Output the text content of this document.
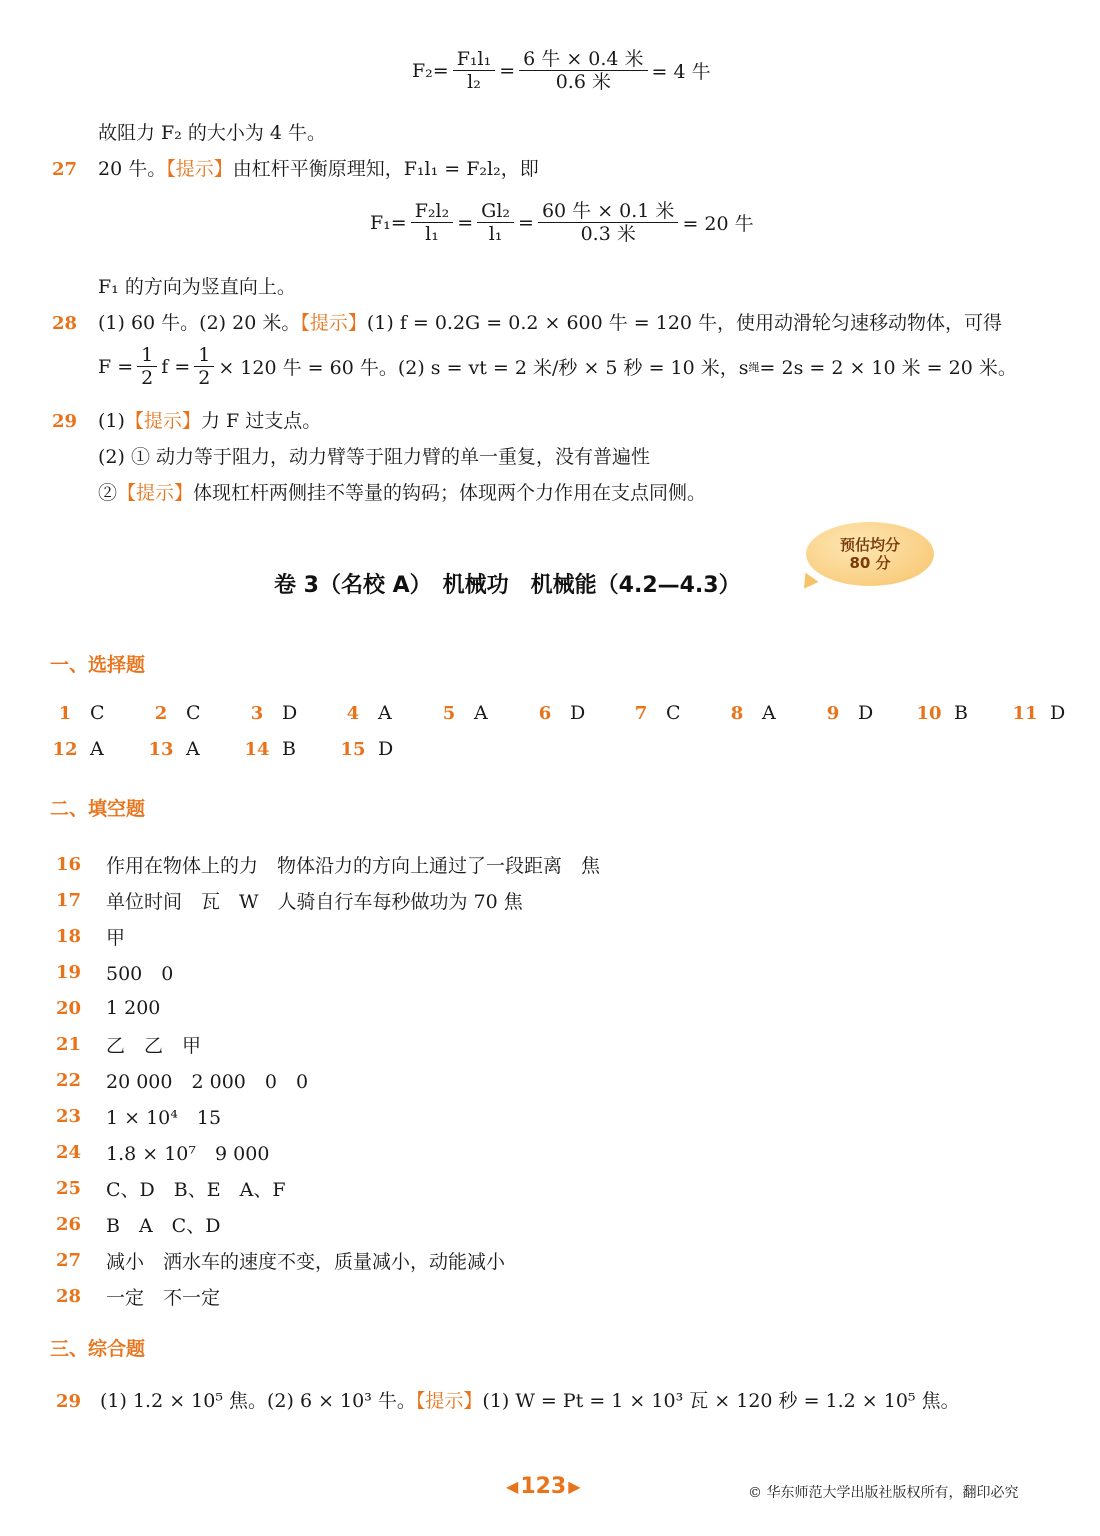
$F_2= \frac{\text{F₁l₁}}{\text{l₂}} = \frac{\text{6 牛 × 0.4 米}}{\text{0.6 米}} = 4$ 牛
故阻力 F₂ 的大小为 4 牛。
27 20 牛。【提示】由杠杆平衡原理知，F₁l₁ = F₂l₂，即
$F_1= \frac{\text{F₂l₂}}{\text{l₁}} = \frac{\text{Gl₂}}{\text{l₁}} = \frac{\text{60 牛 × 0.1 米}}{\text{0.3 米}} = 20$ 牛
F₁ 的方向为竖直向上。
28 (1) 60 牛。(2) 20 米。【提示】(1) f = 0.2G = 0.2 × 600 牛 = 120 牛，使用动滑轮匀速移动物体，可得
$F = \frac{1}{2}$ $f = \frac{1}{2} \times 120$ 牛 = 60 牛。(2) s = vt = 2 米/秒 × 5 秒 = 10 米，s 绳 = 2s = 2 × 10 米 = 20 米。
29 (1)【提示】力 F 过支点。
(2) ① 动力等于阻力，动力臂等于阻力臂的单一重复，没有普遍性
②【提示】体现杠杆两侧挂不等量的钩码；体现两个力作用在支点同侧。
预估均分
80 分
卷 3（名校 A）　机械功　机械能（4.2—4.3）
一、选择题
1 C	2 C	3 D	4 A	5 A	6 D	7 C	8 A	9 D	10 B	11 D
12 A	13 A	14 B	15 D
二、填空题
16	作用在物体上的力　物体沿力的方向上通过了一段距离　焦
17	单位时间　瓦　W　人骑自行车每秒做功为 70 焦
18	甲
19	500　0
20	1 200
21	乙　乙　甲
22	20 000　2 000　0　0
23	1 × 10⁴　15
24	1.8 × 10⁷　9 000
25	C、D　B、E　A、F
26	B　A　C、D
27	减小　洒水车的速度不变，质量减小，动能减小
28	一定　不一定
三、综合题
29 (1) 1.2 × 10⁵ 焦。(2) 6 × 10³ 牛。【提示】(1) W = Pt = 1 × 10³ 瓦 × 120 秒 = 1.2 × 10⁵ 焦。
◀ 123 ▶	© 华东师范大学出版社版权所有，翻印必究
